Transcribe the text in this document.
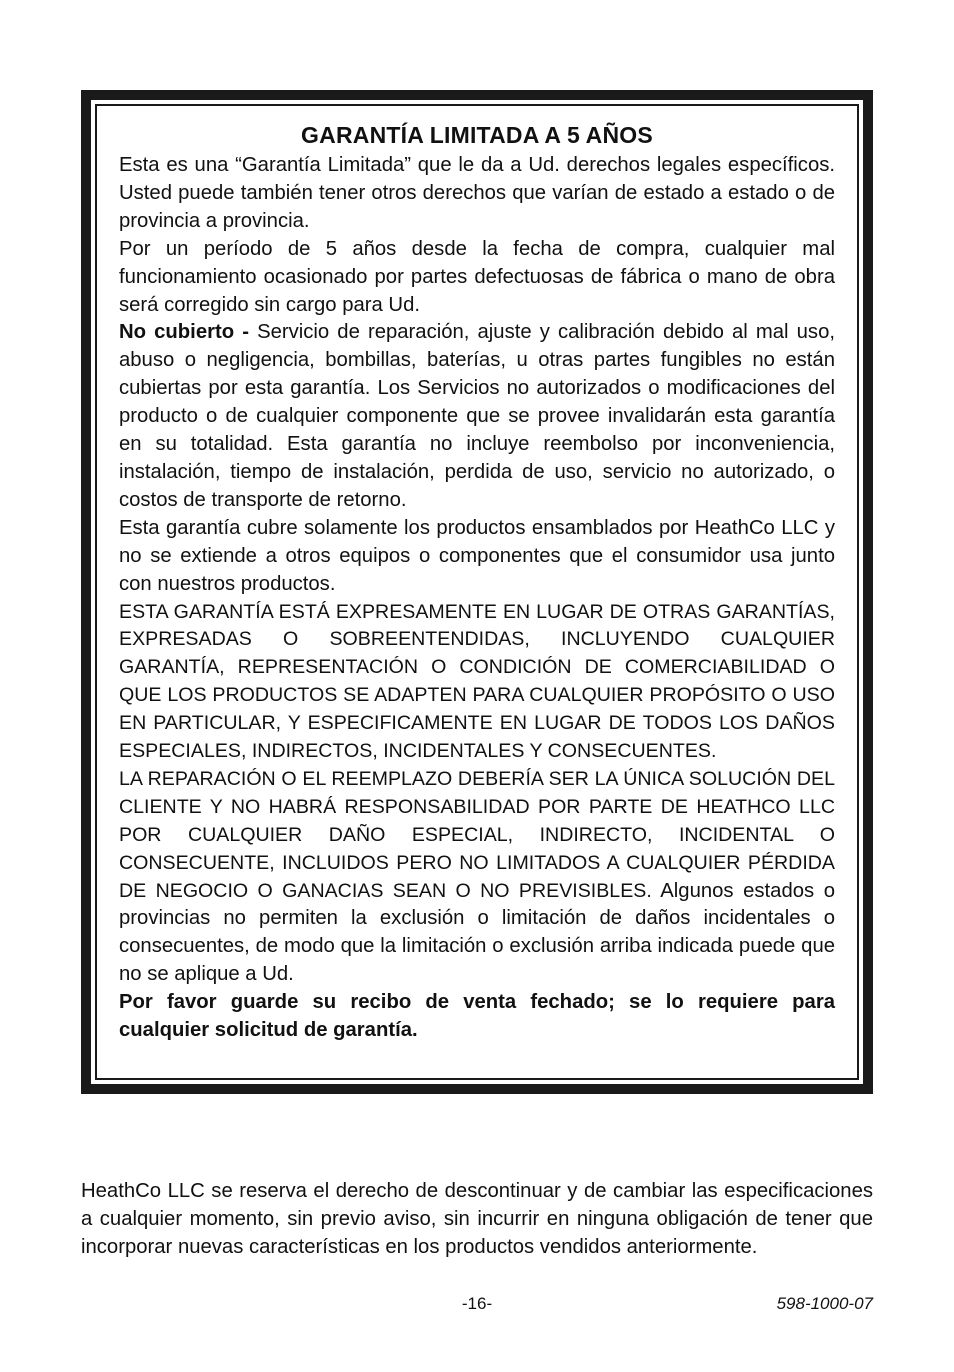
GARANTÍA LIMITADA A 5 AÑOS

Esta es una “Garantía Limitada” que le da a Ud. derechos legales específicos. Usted puede también tener otros derechos que varían de estado a estado o de provincia a provincia.

Por un período de 5 años desde la fecha de compra, cualquier mal funcionamiento ocasionado por partes defectuosas de fábrica o mano de obra será corregido sin cargo para Ud.

No cubierto - Servicio de reparación, ajuste y calibración debido al mal uso, abuso o negligencia, bombillas, baterías, u otras partes fungibles no están cubiertas por esta garantía. Los Servicios no autorizados o modificaciones del producto o de cualquier componente que se provee invalidarán esta garantía en su totalidad. Esta garantía no incluye reembolso por inconveniencia, instalación, tiempo de instalación, perdida de uso, servicio no autorizado, o costos de transporte de retorno.

Esta garantía cubre solamente los productos ensamblados por HeathCo LLC y no se extiende a otros equipos o componentes que el consumidor usa junto con nuestros productos.

ESTA GARANTÍA ESTÁ EXPRESAMENTE EN LUGAR DE OTRAS GARANTÍAS, EXPRESADAS O SOBREENTENDIDAS, INCLUYENDO CUALQUIER GARANTÍA, REPRESENTACIÓN O CONDICIÓN DE COMERCIABILIDAD O QUE LOS PRODUCTOS SE ADAPTEN PARA CUALQUIER PROPÓSITO O USO EN PARTICULAR, Y ESPECIFICAMENTE EN LUGAR DE TODOS LOS DAÑOS ESPECIALES, INDIRECTOS, INCIDENTALES Y CONSECUENTES.

LA REPARACIÓN O EL REEMPLAZO DEBERÍA SER LA ÚNICA SOLUCIÓN DEL CLIENTE Y NO HABRÁ RESPONSABILIDAD POR PARTE DE HEATHCO LLC POR CUALQUIER DAÑO ESPECIAL, INDIRECTO, INCIDENTAL O CONSECUENTE, INCLUIDOS PERO NO LIMITADOS A CUALQUIER PÉRDIDA DE NEGOCIO O GANACIAS SEAN O NO PREVISIBLES. Algunos estados o provincias no permiten la exclusión o limitación de daños incidentales o consecuentes, de modo que la limitación o exclusión arriba indicada puede que no se aplique a Ud.

Por favor guarde su recibo de venta fechado; se lo requiere para cualquier solicitud de garantía.

HeathCo LLC se reserva el derecho de descontinuar y de cambiar las especificaciones a cualquier momento, sin previo aviso, sin incurrir en ninguna obligación de tener que incorporar nuevas características en los productos vendidos anteriormente.

-16-	598-1000-07
